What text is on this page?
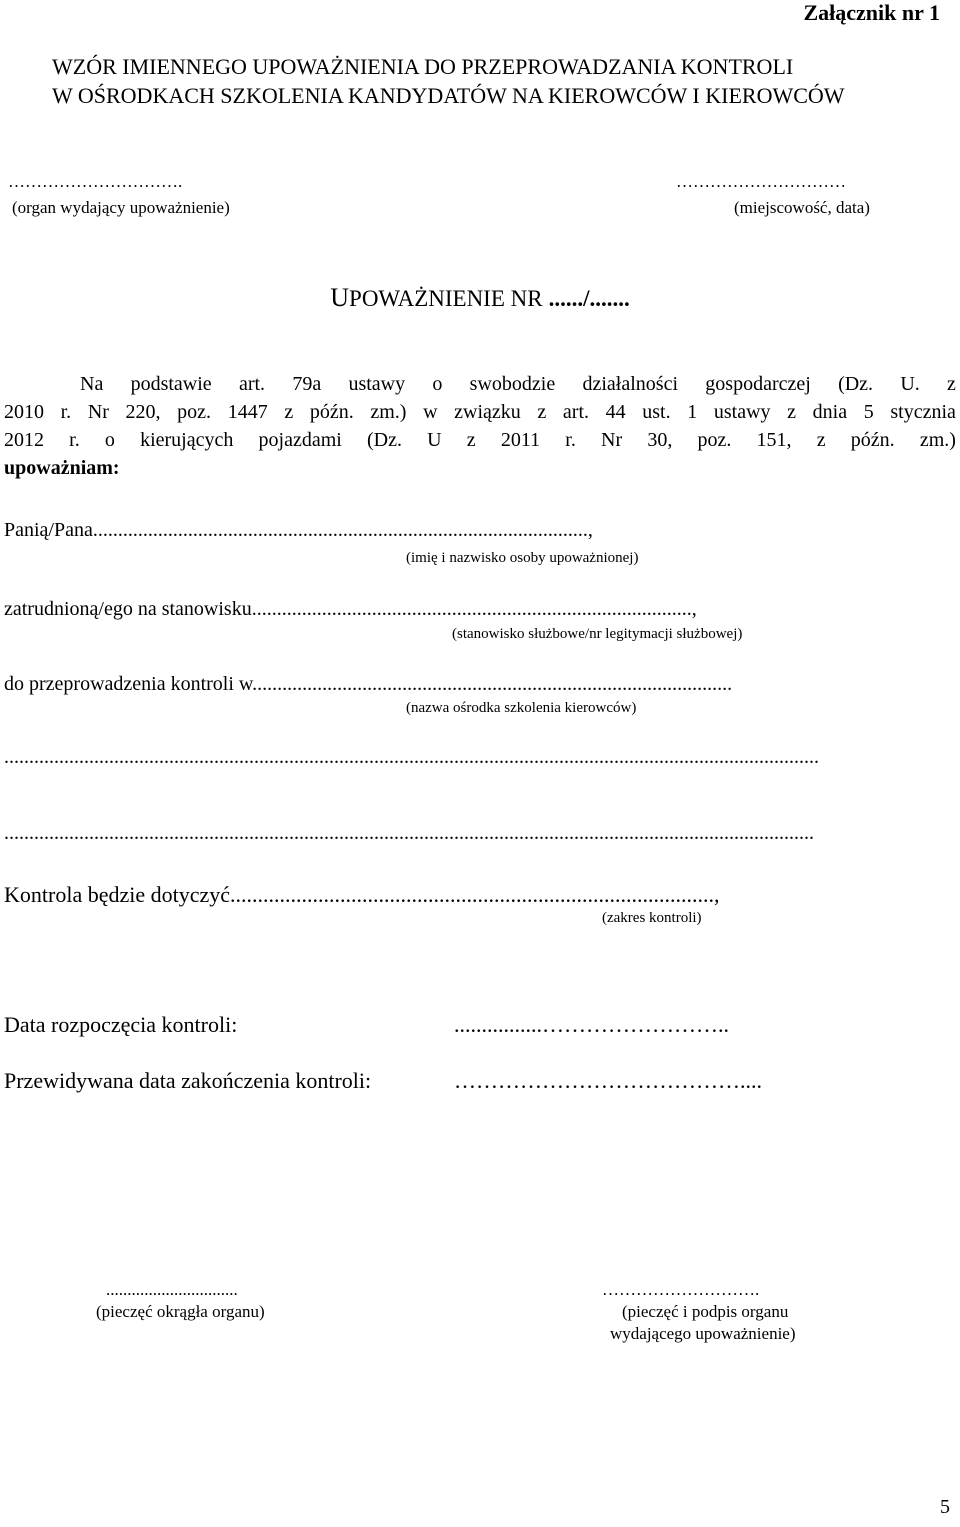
Załącznik nr 1
WZÓR IMIENNEGO UPOWAŻNIENIA DO PRZEPROWADZANIA KONTROLI
W OŚRODKACH SZKOLENIA KANDYDATÓW NA KIEROWCÓW I KIEROWCÓW
………………………….
(organ wydający upoważnienie)
…………………………
(miejscowość, data)
UPOWAŻNIENIE NR ....../.......
Na podstawie art. 79a ustawy o swobodzie działalności gospodarczej (Dz. U. z
2010 r. Nr 220, poz. 1447 z późn. zm.) w związku z art. 44 ust. 1 ustawy z dnia 5 stycznia
2012 r. o kierujących pojazdami (Dz. U z 2011 r. Nr 30, poz. 151, z późn. zm.)
upoważniam:
Panią/Pana...................................................................................................,
(imię i nazwisko osoby upoważnionej)
zatrudnioną/ego na stanowisku........................................................................................,
(stanowisko służbowe/nr legitymacji służbowej)
do przeprowadzenia kontroli w................................................................................................
(nazwa ośrodka szkolenia kierowców)
...................................................................................................................................................................
..................................................................................................................................................................
Kontrola będzie dotyczyć........................................................................................,
(zakres kontroli)
Data rozpoczęcia kontroli:	................……………………..
Przewidywana data zakończenia kontroli:	…………………………………....
...............................
(pieczęć okrągła organu)
……………………….
(pieczęć i podpis organu
wydającego upoważnienie)
5
